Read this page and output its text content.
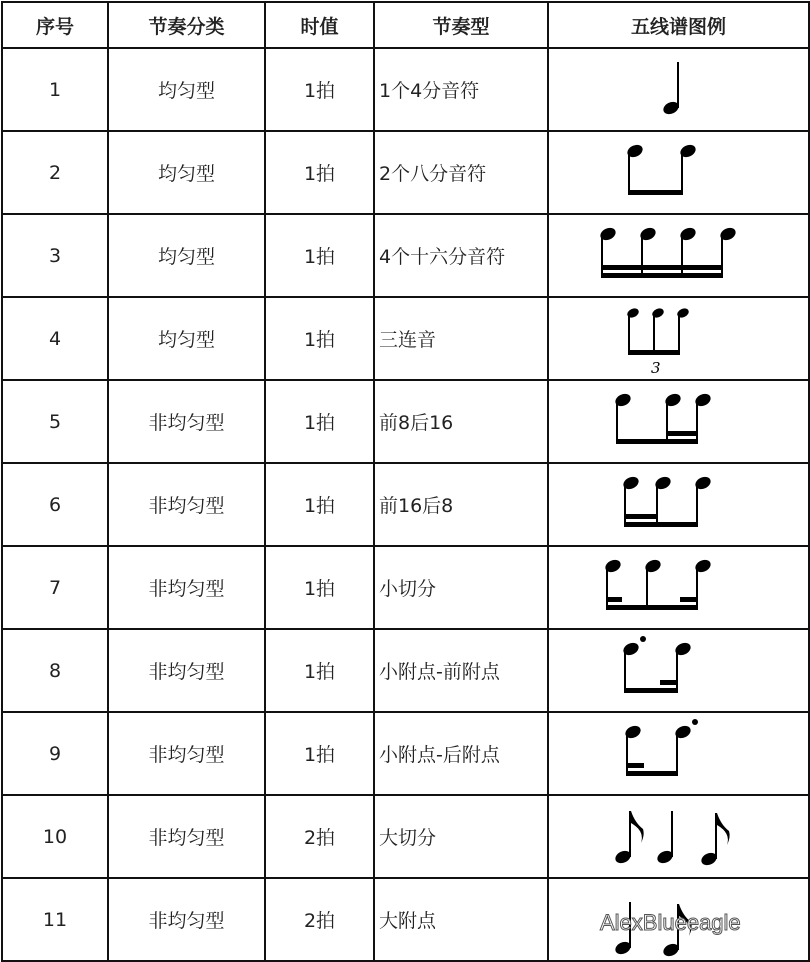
序号	节奏分类	时值	节奏型	五线谱图例
1	均匀型	1拍	1个4分音符	

2	均匀型	1拍	2个八分音符	

3	均匀型	1拍	4个十六分音符	

4	均匀型	1拍	三连音	3

5	非均匀型	1拍	前8后16	

6	非均匀型	1拍	前16后8	

7	非均匀型	1拍	小切分	

8	非均匀型	1拍	小附点-前附点	

9	非均匀型	1拍	小附点-后附点	

10	非均匀型	2拍	大切分	

11	非均匀型	2拍	大附点		AlexBlueeagle
